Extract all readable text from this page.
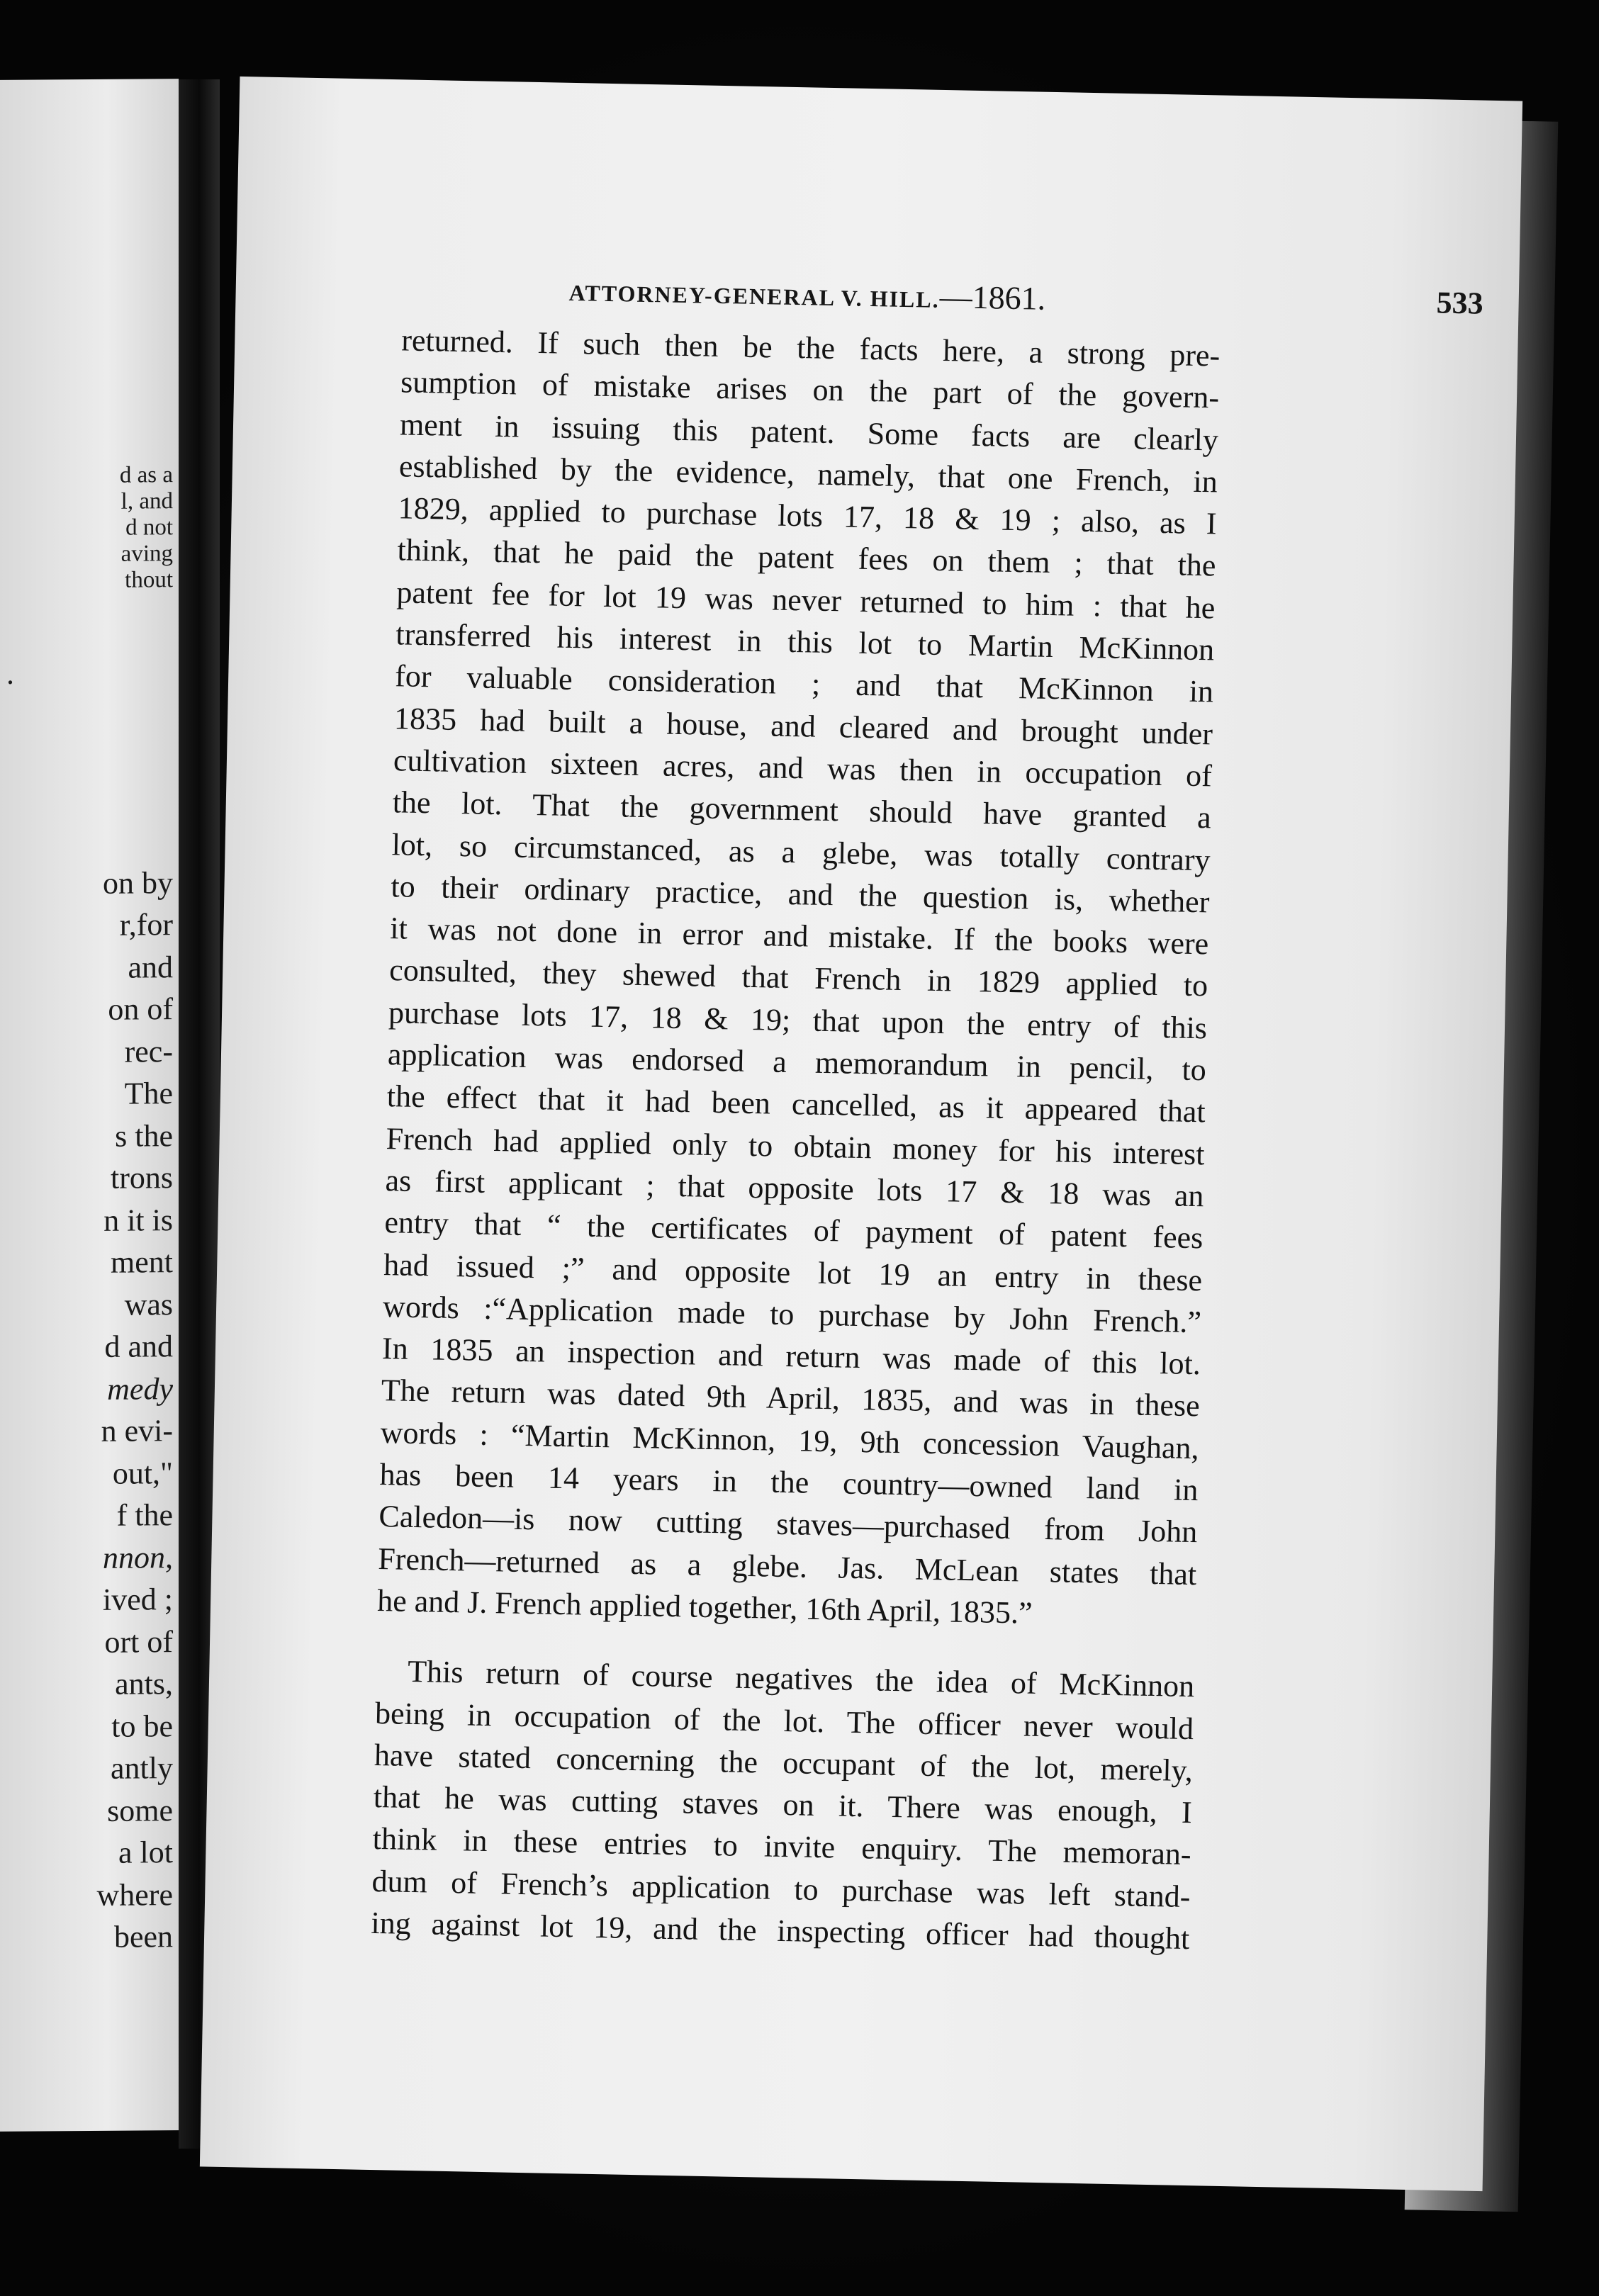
d as a
l, and
d not
aving
thout
.
on by
r,for
and
on of
rec-
The
s the
trons
n it is
ment
was
d and
medy
n evi-
out,"
f the
nnon,
ived ;
ort of
ants,
to be
antly
some
a lot
where
been
ATTORNEY-GENERAL V. HILL.—1861.	533
returned. If such then be the facts here, a strong pre-
sumption of mistake arises on the part of the govern-
ment in issuing this patent. Some facts are clearly
established by the evidence, namely, that one French, in
1829, applied to purchase lots 17, 18 & 19 ; also, as I
think, that he paid the patent fees on them ; that the
patent fee for lot 19 was never returned to him : that he
transferred his interest in this lot to Martin McKinnon
for valuable consideration ; and that McKinnon in
1835 had built a house, and cleared and brought under
cultivation sixteen acres, and was then in occupation of
the lot. That the government should have granted a
lot, so circumstanced, as a glebe, was totally contrary
to their ordinary practice, and the question is, whether
it was not done in error and mistake. If the books were
consulted, they shewed that French in 1829 applied to
purchase lots 17, 18 & 19; that upon the entry of this
application was endorsed a memorandum in pencil, to
the effect that it had been cancelled, as it appeared that
French had applied only to obtain money for his interest
as first applicant ; that opposite lots 17 & 18 was an
entry that “ the certificates of payment of patent fees
had issued ;” and opposite lot 19 an entry in these
words :“Application made to purchase by John French.”
In 1835 an inspection and return was made of this lot.
The return was dated 9th April, 1835, and was in these
words : “Martin McKinnon, 19, 9th concession Vaughan,
has been 14 years in the country—owned land in
Caledon—is now cutting staves—purchased from John
French—returned as a glebe. Jas. McLean states that
he and J. French applied together, 16th April, 1835.”
This return of course negatives the idea of McKinnon
being in occupation of the lot. The officer never would
have stated concerning the occupant of the lot, merely,
that he was cutting staves on it. There was enough, I
think in these entries to invite enquiry. The memoran-
dum of French’s application to purchase was left stand-
ing against lot 19, and the inspecting officer had thought
